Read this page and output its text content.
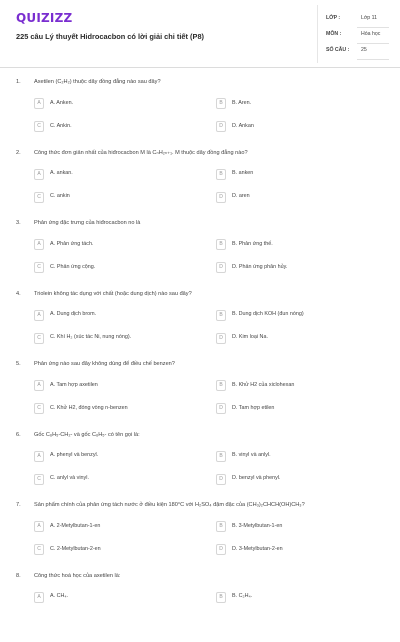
QUIZIZZ
225 câu Lý thuyết Hidrocacbon có lời giải chi tiết (P8)
LỚP :	Lớp 11
MÔN :	Hóa học
SỐ CÂU : 25
1. Axetilen (C₂H₂) thuộc dãy đồng đẳng nào sau đây?
A	A. Anken.	B	B. Aren.
C	C. Ankin.	D	D. Ankan
2. Công thức đơn giản nhất của hiđrocacbon M là CₙH₂ₙ₊₁. M thuộc dãy đồng đẳng nào?
A	A. ankan.	B	B. anken
C	C. ankin	D	D. aren
3. Phản ứng đặc trưng của hiđrocacbon no là
A	A. Phản ứng tách.	B	B. Phản ứng thế.
C	C. Phản ứng cộng.	D	D. Phản ứng phân hủy.
4. Triolein không tác dụng với chất (hoặc dung dịch) nào sau đây?
A	A. Dung dịch brom.	B	B. Dung dịch KOH (đun nóng)
C	C. Khí H₂ (xúc tác Ni, nung nóng).	D	D. Kim loại Na.
5. Phản ứng nào sau đây không dùng để điều chế benzen?
A	A. Tam hợp axetilen	B	B. Khử H2 của xiclohexan
C	C. Khử H2, đóng vòng n-benzen	D	D. Tam hợp etilen
6. Gốc C₆H₅-CH₂- và gốc C₆H₅- có tên gọi là:
A	A. phenyl và benzyl.	B	B. vinyl và anlyl.
C	C. anlyl và vinyl.	D	D. benzyl và phenyl.
7. Sản phẩm chính của phản ứng tách nước ở điều kiện 180°C với H₂SO₄ đặm đặc của (CH₃)₂CHCH(OH)CH₃?
A	A. 2-Metylbutan-1-en	B	B. 3-Metylbutan-1-en
C	C. 2-Metylbutan-2-en	D	D. 3-Metylbutan-2-en
8. Công thức hoá học của axetilen là:
A	A. CH₄.	B	B. C₂H₄.
